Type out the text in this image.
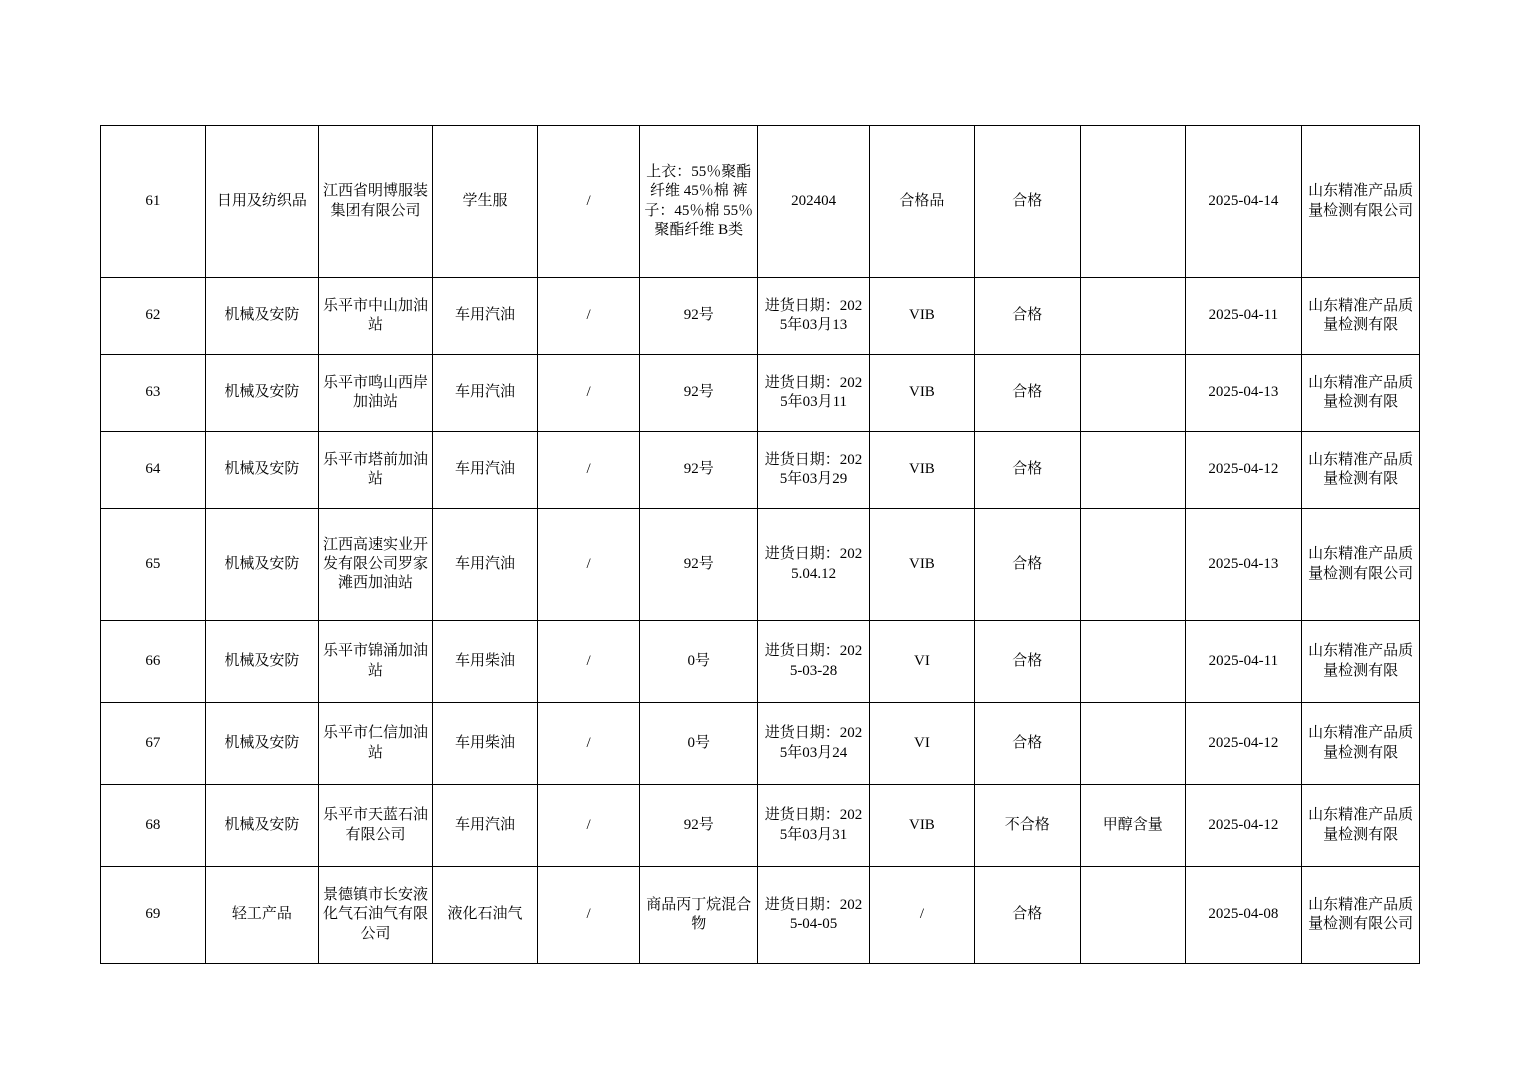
61	日用及纺织品	江西省明博服装集团有限公司	学生服	/	上衣：55％聚酯纤维 45％棉 裤子：45％棉 55％聚酯纤维 B类	202404	合格品	合格		2025-04-14	山东精准产品质量检测有限公司

62	机械及安防	乐平市中山加油站	车用汽油	/	92号	进货日期：2025年03月13	VIB	合格		2025-04-11	山东精准产品质量检测有限

63	机械及安防	乐平市鸣山西岸加油站	车用汽油	/	92号	进货日期：2025年03月11	VIB	合格		2025-04-13	山东精准产品质量检测有限

64	机械及安防	乐平市塔前加油站	车用汽油	/	92号	进货日期：2025年03月29	VIB	合格		2025-04-12	山东精准产品质量检测有限

65	机械及安防	江西高速实业开发有限公司罗家滩西加油站	车用汽油	/	92号	进货日期：2025.04.12	VIB	合格		2025-04-13	山东精准产品质量检测有限公司

66	机械及安防	乐平市锦涌加油站	车用柴油	/	0号	进货日期：2025-03-28	VI	合格		2025-04-11	山东精准产品质量检测有限

67	机械及安防	乐平市仁信加油站	车用柴油	/	0号	进货日期：2025年03月24	VI	合格		2025-04-12	山东精准产品质量检测有限

68	机械及安防	乐平市天蓝石油有限公司	车用汽油	/	92号	进货日期：2025年03月31	VIB	不合格	甲醇含量	2025-04-12	山东精准产品质量检测有限

69	轻工产品	景德镇市长安液化气石油气有限公司	液化石油气	/	商品丙丁烷混合物	进货日期：2025-04-05	/	合格		2025-04-08	山东精准产品质量检测有限公司
